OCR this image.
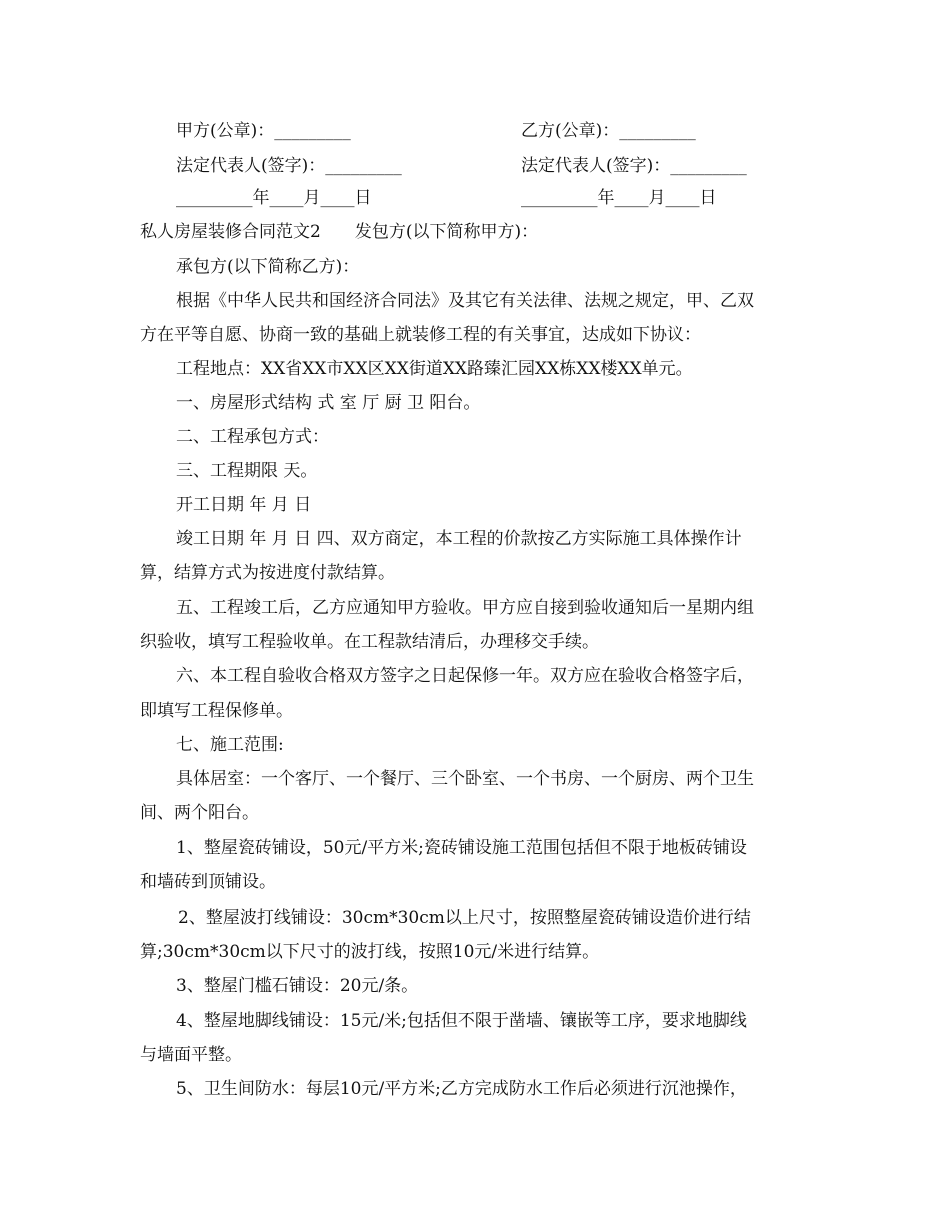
甲方(公章)：_________	乙方(公章)：_________
法定代表人(签字)：_________	法定代表人(签字)：_________
_________年____月____日	_________年____月____日
私人房屋装修合同范文2　　发包方(以下简称甲方)：
承包方(以下简称乙方)：
根据《中华人民共和国经济合同法》及其它有关法律、法规之规定，甲、乙双
方在平等自愿、协商一致的基础上就装修工程的有关事宜，达成如下协议：
工程地点：XX省XX市XX区XX街道XX路臻汇园XX栋XX楼XX单元。
一、房屋形式结构 式 室 厅 厨 卫 阳台。
二、工程承包方式：
三、工程期限 天。
开工日期 年 月 日
竣工日期 年 月 日 四、双方商定，本工程的价款按乙方实际施工具体操作计
算，结算方式为按进度付款结算。
五、工程竣工后，乙方应通知甲方验收。甲方应自接到验收通知后一星期内组
织验收，填写工程验收单。在工程款结清后，办理移交手续。
六、本工程自验收合格双方签字之日起保修一年。双方应在验收合格签字后，
即填写工程保修单。
七、施工范围:
具体居室：一个客厅、一个餐厅、三个卧室、一个书房、一个厨房、两个卫生
间、两个阳台。
1、整屋瓷砖铺设，50元/平方米;瓷砖铺设施工范围包括但不限于地板砖铺设
和墙砖到顶铺设。
2、整屋波打线铺设：30cm*30cm以上尺寸，按照整屋瓷砖铺设造价进行结
算;30cm*30cm以下尺寸的波打线，按照10元/米进行结算。
3、整屋门槛石铺设：20元/条。
4、整屋地脚线铺设：15元/米;包括但不限于凿墙、镶嵌等工序，要求地脚线
与墙面平整。
5、卫生间防水：每层10元/平方米;乙方完成防水工作后必须进行沉池操作，
